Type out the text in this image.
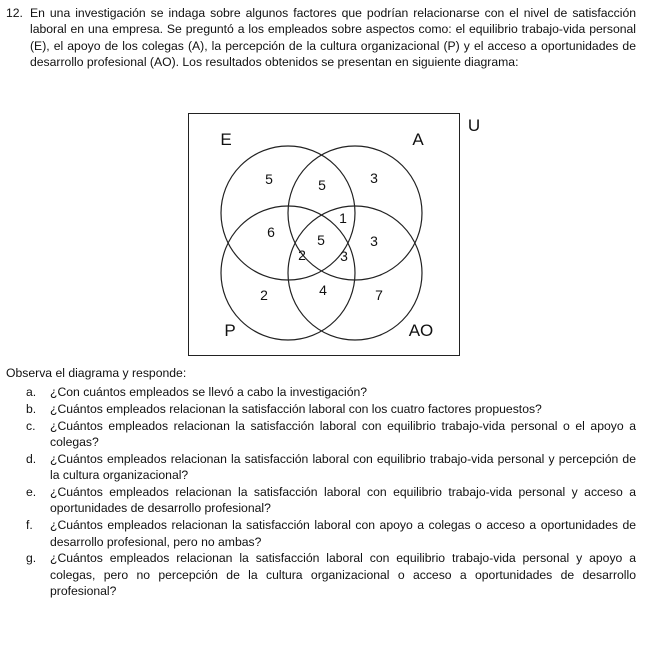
12. En una investigación se indaga sobre algunos factores que podrían relacionarse con el nivel de satisfacción laboral en una empresa. Se preguntó a los empleados sobre aspectos como: el equilibrio trabajo-vida personal (E), el apoyo de los colegas (A), la percepción de la cultura organizacional (P) y el acceso a oportunidades de desarrollo profesional (AO). Los resultados obtenidos se presentan en siguiente diagrama:
U
E	A
P	AO
5	5	3
1
6	5	3
2 3
2	4	7
Observa el diagrama y responde:
a. ¿Con cuántos empleados se llevó a cabo la investigación?
b. ¿Cuántos empleados relacionan la satisfacción laboral con los cuatro factores propuestos?
c. ¿Cuántos empleados relacionan la satisfacción laboral con equilibrio trabajo-vida personal o el apoyo a colegas?
d. ¿Cuántos empleados relacionan la satisfacción laboral con equilibrio trabajo-vida personal y percepción de la cultura organizacional?
e. ¿Cuántos empleados relacionan la satisfacción laboral con equilibrio trabajo-vida personal y acceso a oportunidades de desarrollo profesional?
f. ¿Cuántos empleados relacionan la satisfacción laboral con apoyo a colegas o acceso a oportunidades de desarrollo profesional, pero no ambas?
g. ¿Cuántos empleados relacionan la satisfacción laboral con equilibrio trabajo-vida personal y apoyo a colegas, pero no percepción de la cultura organizacional o acceso a oportunidades de desarrollo profesional?
